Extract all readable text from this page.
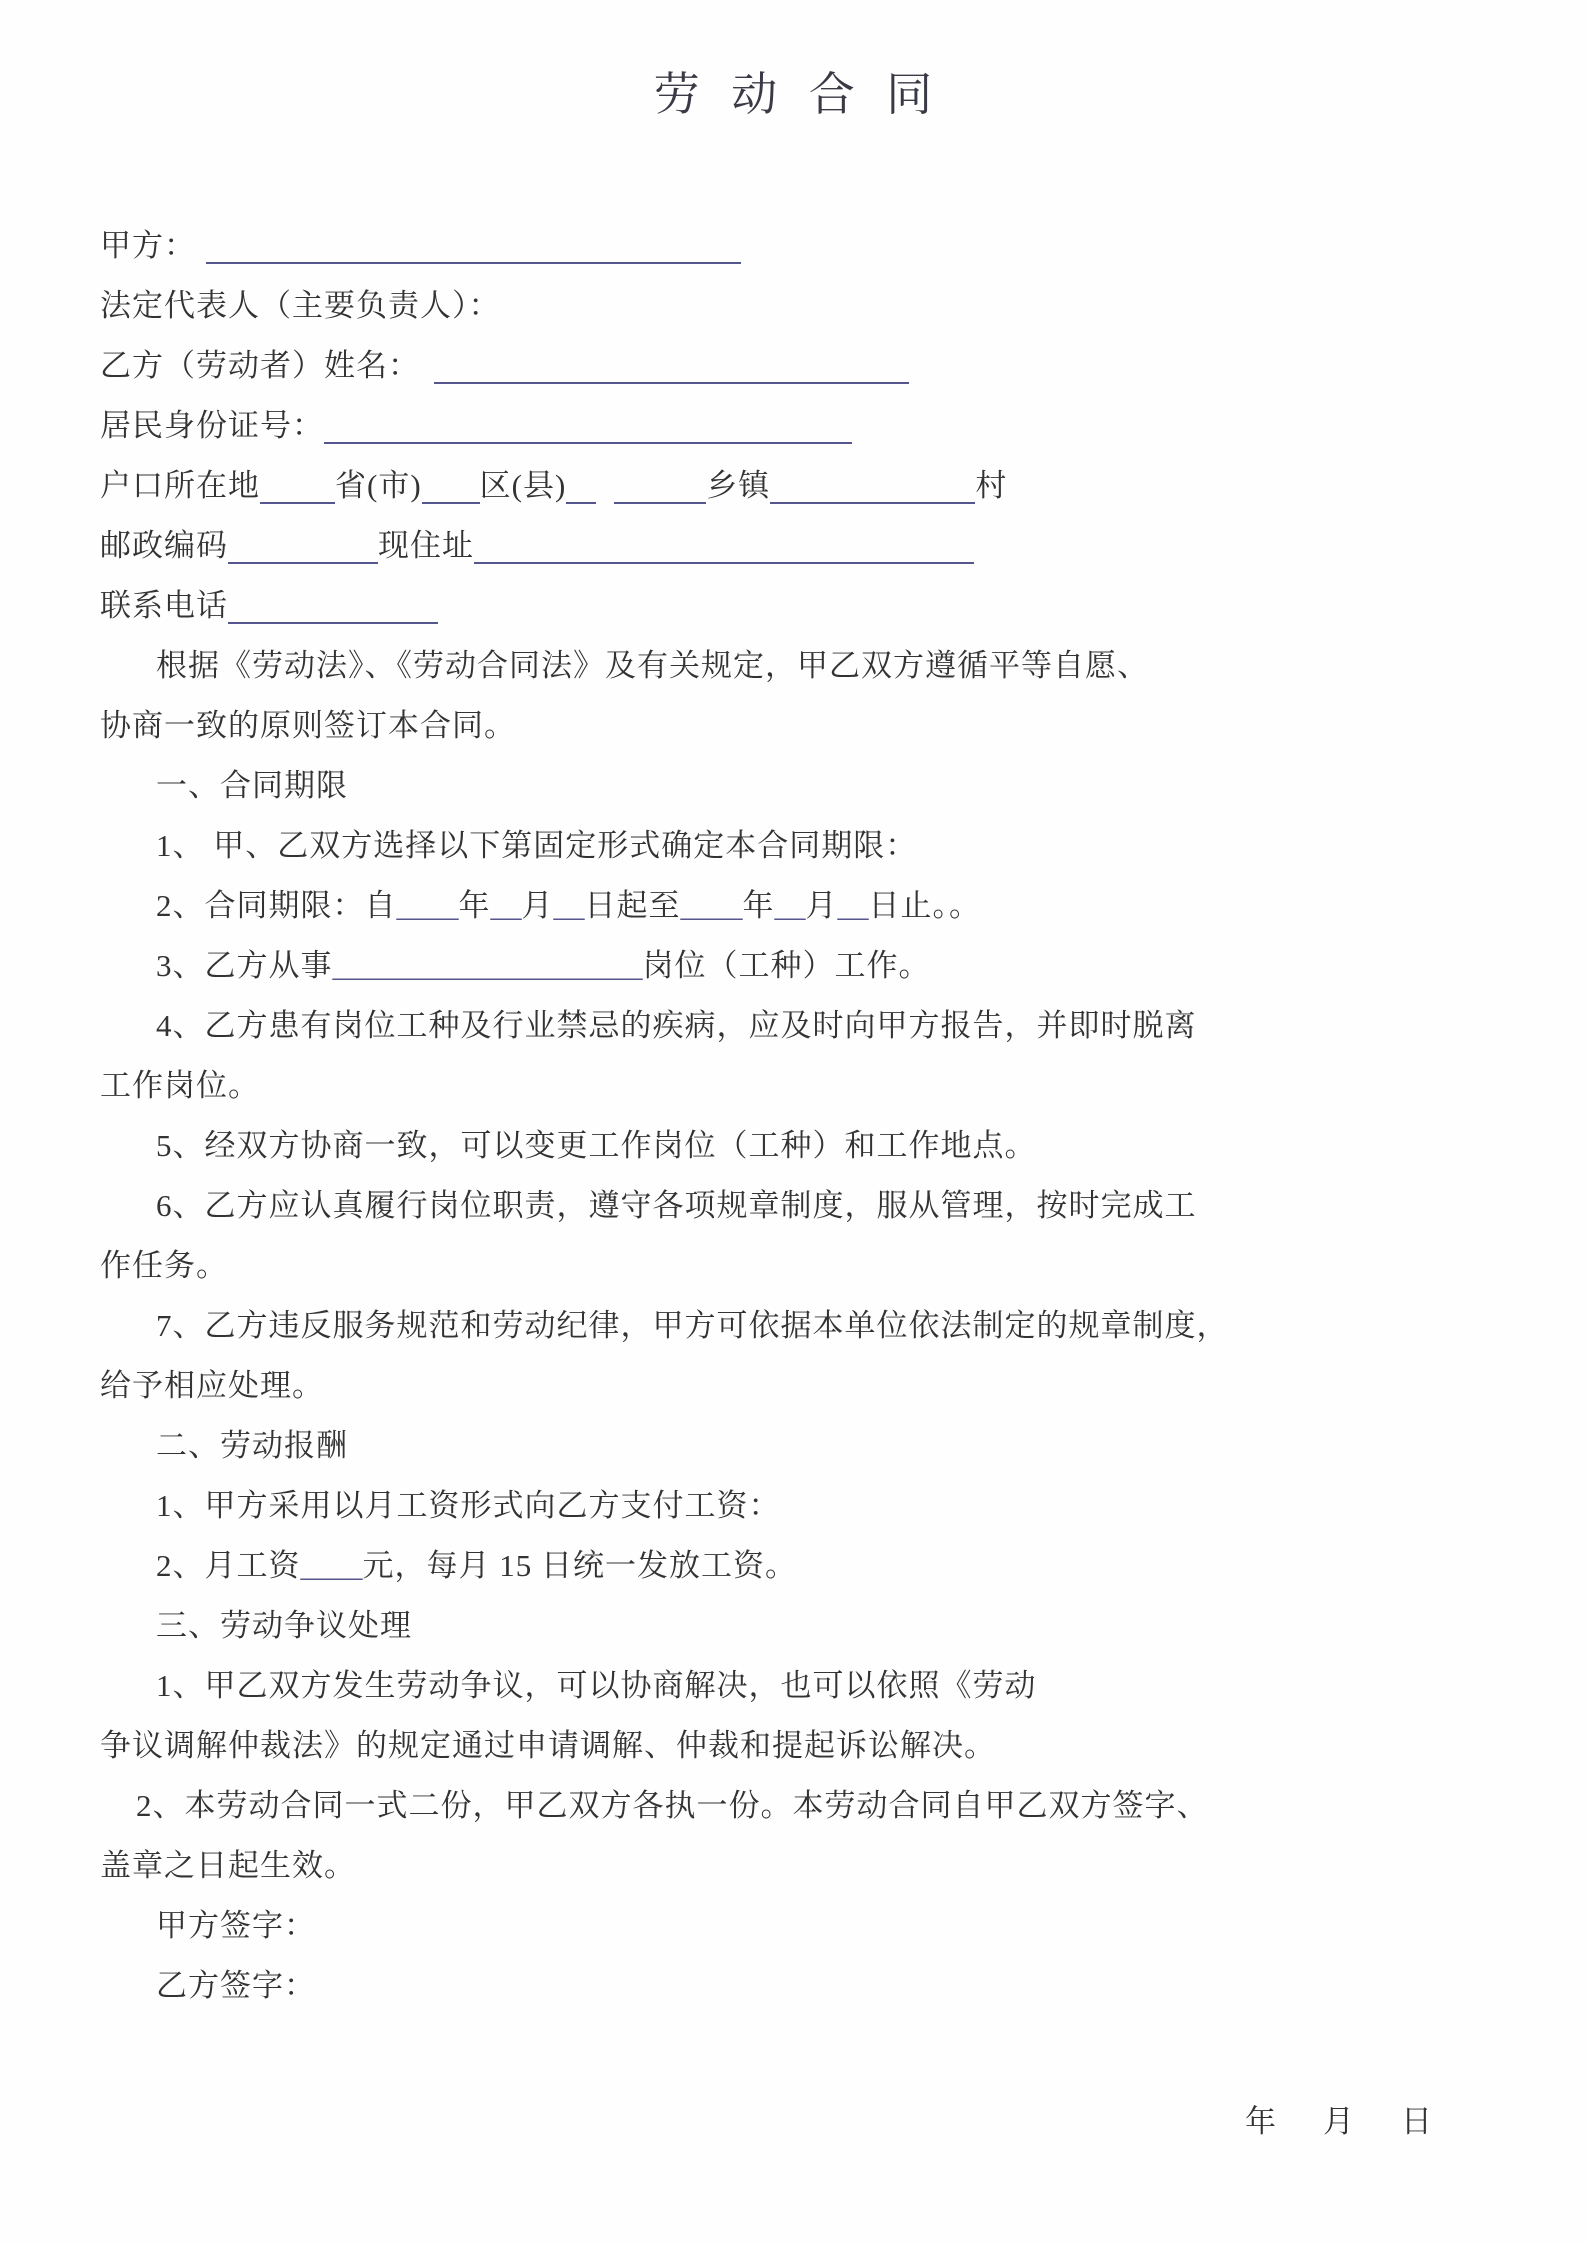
劳 动 合 同
甲方：
法定代表人（主要负责人）：
乙方（劳动者）姓名：
居民身份证号：
户口所在地 省(市) 区(县)	乡镇	村
邮政编码	现住址
联系电话
根据《劳动法》、《劳动合同法》及有关规定，甲乙双方遵循平等自愿、
协商一致的原则签订本合同。
一、合同期限
1、 甲、乙双方选择以下第固定形式确定本合同期限：
2、合同期限：自____年__月__日起至____年__月__日止。。
3、乙方从事____________________岗位（工种）工作。
4、乙方患有岗位工种及行业禁忌的疾病，应及时向甲方报告，并即时脱离
工作岗位。
5、经双方协商一致，可以变更工作岗位（工种）和工作地点。
6、乙方应认真履行岗位职责，遵守各项规章制度，服从管理，按时完成工
作任务。
7、乙方违反服务规范和劳动纪律，甲方可依据本单位依法制定的规章制度，
给予相应处理。
二、劳动报酬
1、甲方采用以月工资形式向乙方支付工资：
2、月工资____元，每月 15 日统一发放工资。
三、劳动争议处理
1、甲乙双方发生劳动争议，可以协商解决，也可以依照《劳动
争议调解仲裁法》的规定通过申请调解、仲裁和提起诉讼解决。
2、本劳动合同一式二份，甲乙双方各执一份。本劳动合同自甲乙双方签字、
盖章之日起生效。
甲方签字：
乙方签字：
年　月　日
